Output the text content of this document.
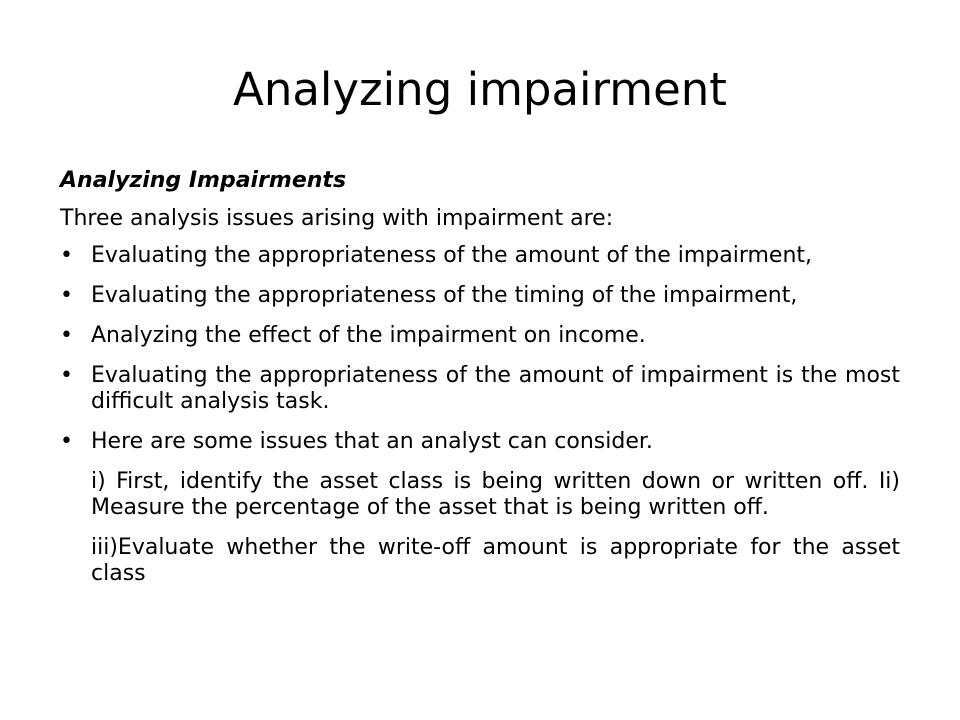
Analyzing impairment

Analyzing Impairments

Three analysis issues arising with impairment are:

• Evaluating the appropriateness of the amount of the impairment,
• Evaluating the appropriateness of the timing of the impairment,
• Analyzing the effect of the impairment on income.
• Evaluating the appropriateness of the amount of impairment is the most difficult analysis task.
• Here are some issues that an analyst can consider.

i) First, identify the asset class is being written down or written off. Ii) Measure the percentage of the asset that is being written off.

iii)Evaluate whether the write-off amount is appropriate for the asset class
